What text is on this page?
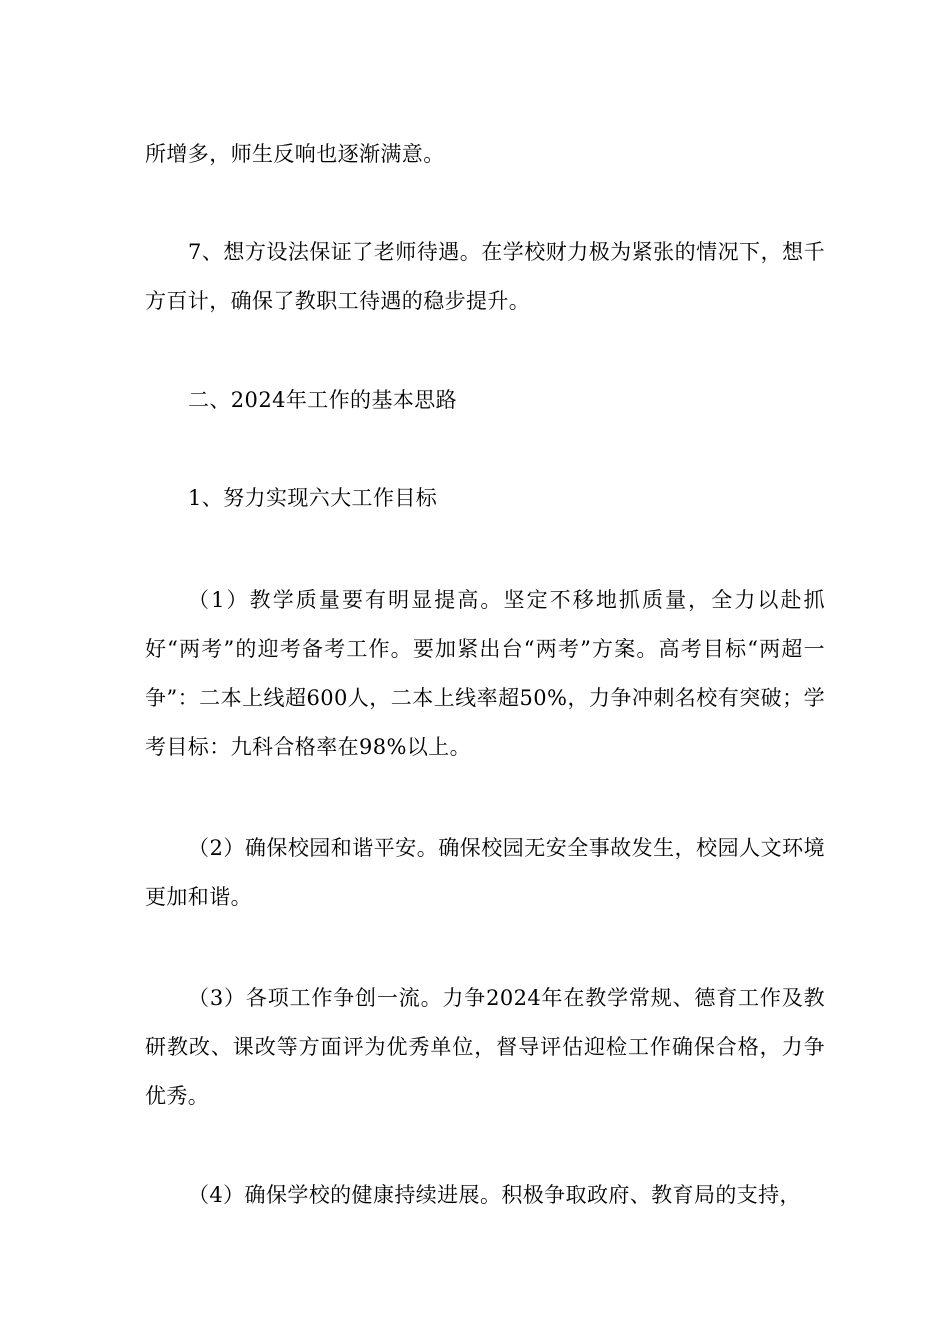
所增多，师生反响也逐渐满意。

7、想方设法保证了老师待遇。在学校财力极为紧张的情况下，想千方百计，确保了教职工待遇的稳步提升。

二、2024年工作的基本思路

1、努力实现六大工作目标

（1）教学质量要有明显提高。坚定不移地抓质量，全力以赴抓好“两考”的迎考备考工作。要加紧出台“两考”方案。高考目标“两超一争”：二本上线超600人，二本上线率超50%，力争冲刺名校有突破；学考目标：九科合格率在98%以上。

（2）确保校园和谐平安。确保校园无安全事故发生，校园人文环境更加和谐。

（3）各项工作争创一流。力争2024年在教学常规、德育工作及教研教改、课改等方面评为优秀单位，督导评估迎检工作确保合格，力争优秀。

（4）确保学校的健康持续进展。积极争取政府、教育局的支持，
